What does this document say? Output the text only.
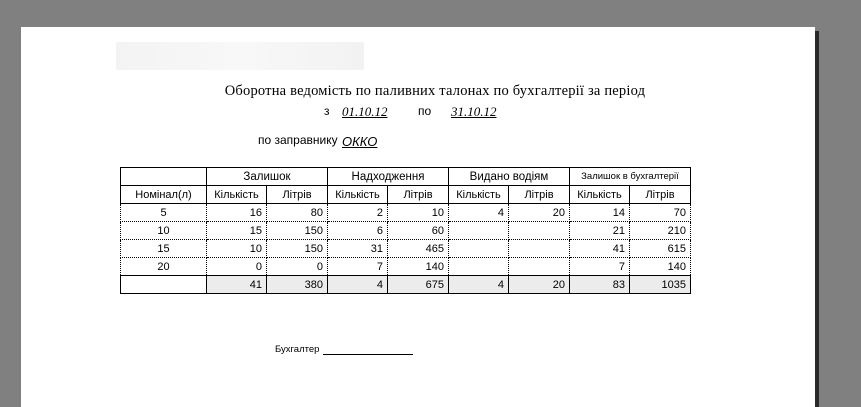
Оборотна ведомість по паливних талонах по бухгалтерії за період
з 01.10.12	по 31.10.12
по заправнику ОККО
	Залишок		Надходження		Видано водіям		Залишок в бухгалтерії	
Номінал(л)	Кількість	Літрів	Кількість	Літрів	Кількість	Літрів	Кількість	Літрів
5	16	80	2	10	4	20	14	70
10	15	150	6	60			21	210
15	10	150	31	465			41	615
20	0	0	7	140			7	140
	41	380	4	675	4	20	83	1035
Бухгалтер
